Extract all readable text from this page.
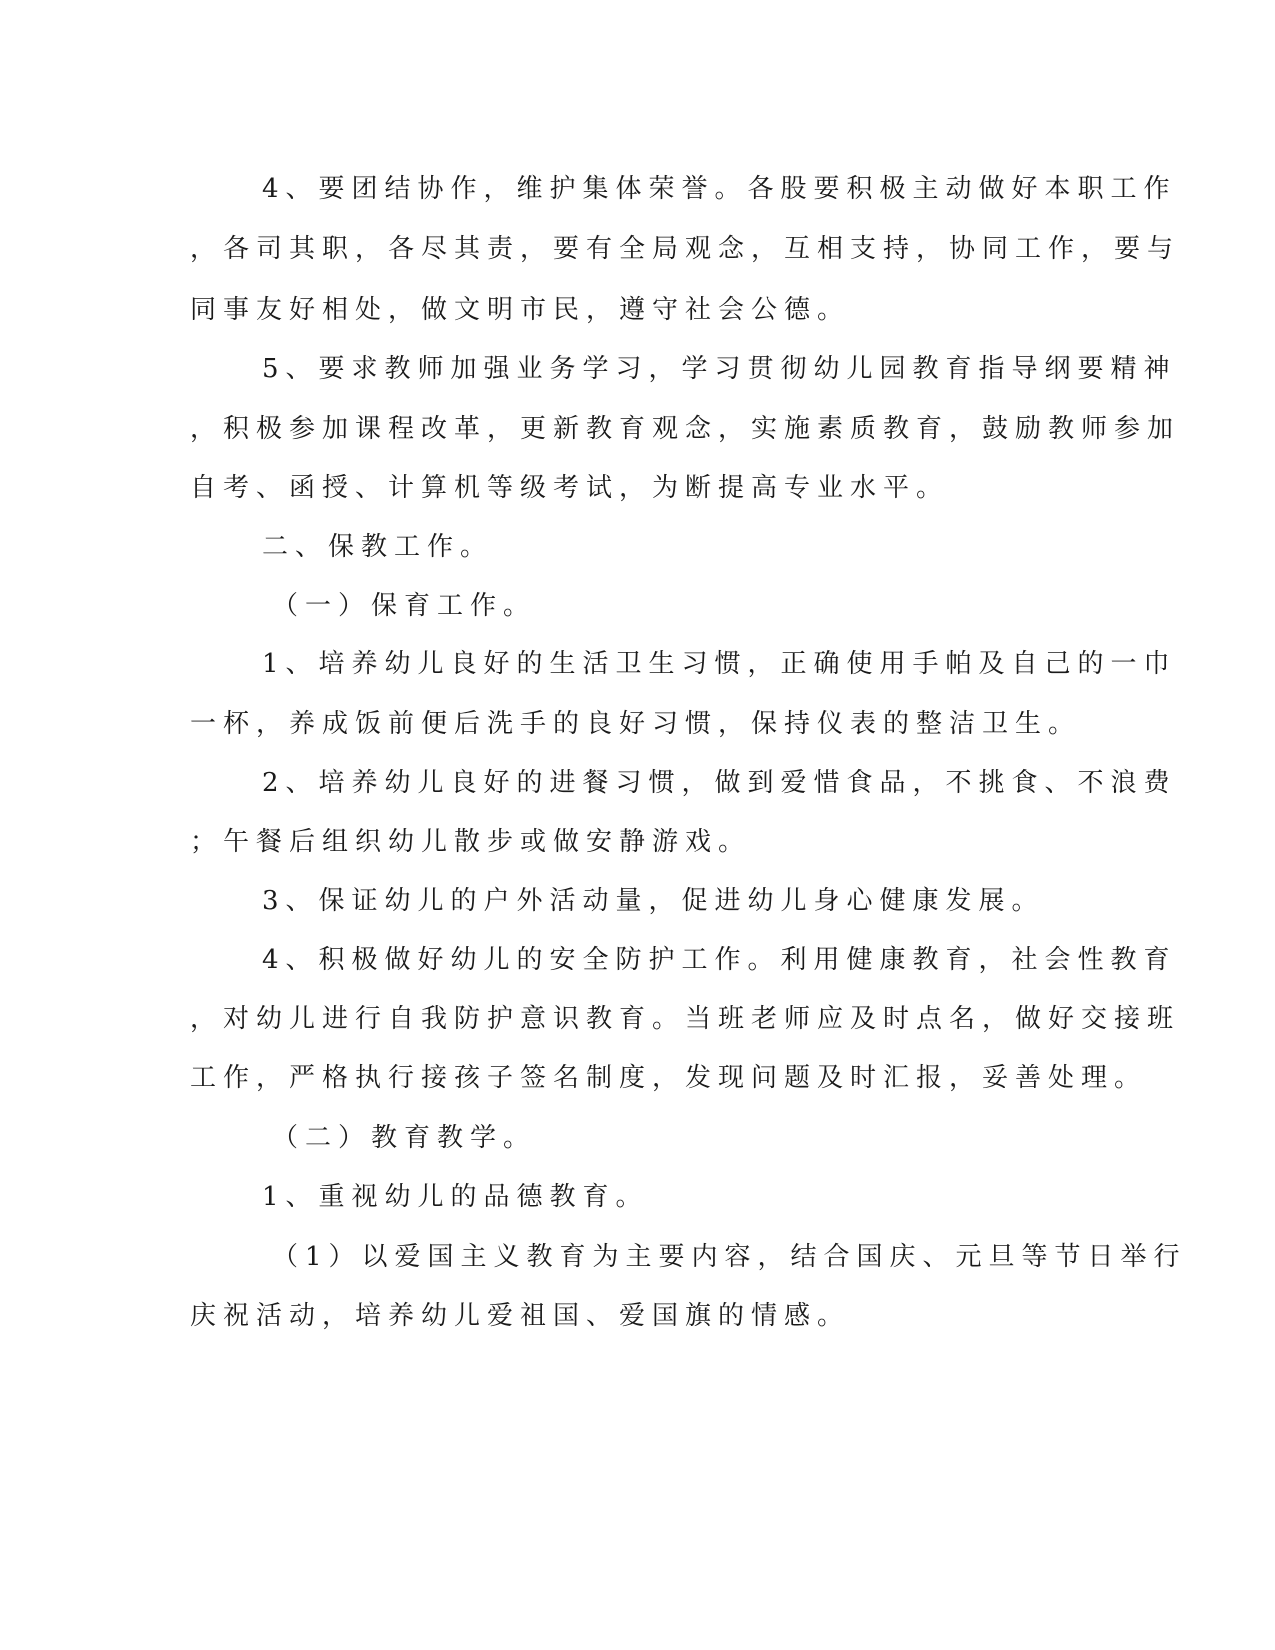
4、要团结协作，维护集体荣誉。各股要积极主动做好本职工作
，各司其职，各尽其责，要有全局观念，互相支持，协同工作，要与
同事友好相处，做文明市民，遵守社会公德。
5、要求教师加强业务学习，学习贯彻幼儿园教育指导纲要精神
，积极参加课程改革，更新教育观念，实施素质教育，鼓励教师参加
自考、函授、计算机等级考试，为断提高专业水平。
二、保教工作。
（一）保育工作。
1、培养幼儿良好的生活卫生习惯，正确使用手帕及自己的一巾
一杯，养成饭前便后洗手的良好习惯，保持仪表的整洁卫生。
2、培养幼儿良好的进餐习惯，做到爱惜食品，不挑食、不浪费
；午餐后组织幼儿散步或做安静游戏。
3、保证幼儿的户外活动量，促进幼儿身心健康发展。
4、积极做好幼儿的安全防护工作。利用健康教育，社会性教育
，对幼儿进行自我防护意识教育。当班老师应及时点名，做好交接班
工作，严格执行接孩子签名制度，发现问题及时汇报，妥善处理。
（二）教育教学。
1、重视幼儿的品德教育。
（1）以爱国主义教育为主要内容，结合国庆、元旦等节日举行
庆祝活动，培养幼儿爱祖国、爱国旗的情感。
